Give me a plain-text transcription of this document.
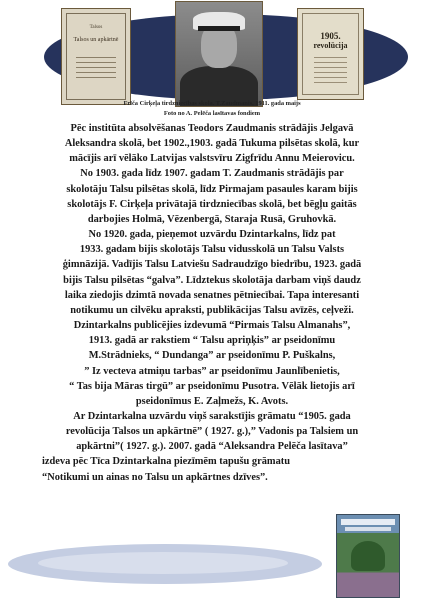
Talsos
Talsos un apkārtnē	1905.
revolūcija
Frīča Cirķeļa tirdzniecības skola. T.Zaudmanis, 1911. gada maijs
Foto no A. Pelēča lasītavas fondiem
Pēc institūta absolvēšanas Teodors Zaudmanis strādājis Jelgavā
Aleksandra skolā, bet 1902.,1903. gadā Tukuma pilsētas skolā, kur
mācījis arī vēlāko Latvijas valstsvīru Zigfrīdu Annu Meierovicu.
No 1903. gada līdz 1907. gadam T. Zaudmanis strādājis par
skolotāju Talsu pilsētas skolā, līdz Pirmajam pasaules karam bijis
skolotājs F. Cirķeļa privātajā tirdzniecības skolā, bet bēgļu gaitās
darbojies Holmā, Vēzenbergā, Staraja Rusā, Gruhovkā.
No 1920. gada, pieņemot uzvārdu Dzintarkalns, līdz pat
1933. gadam bijis skolotājs Talsu vidusskolā un Talsu Valsts
ģimnāzijā. Vadījis Talsu Latviešu Sadraudzīgo biedrību, 1923. gadā
bijis Talsu pilsētas “galva”. Līdztekus skolotāja darbam viņš daudz
laika ziedojis dzimtā novada senatnes pētniecībai. Tapa interesanti
notikumu un cilvēku apraksti, publikācijas Talsu avīzēs, ceļveži.
Dzintarkalns publicējies izdevumā “Pirmais Talsu Almanahs”,
1913. gadā ar rakstiem “ Talsu apriņķis” ar pseidonīmu
M.Strādnieks, “ Dundanga” ar pseidonīmu P. Puškalns,
” Iz vecteva atmiņu tarbas” ar pseidonīmu Jaunlībenietis,
“ Tas bija Māras tirgū” ar pseidonīmu Pusotra. Vēlāk lietojis arī
pseidonīmus E. Zaļmežs, K. Avots.
Ar Dzintarkalna uzvārdu viņš sarakstījis grāmatu “1905. gada
revolūcija Talsos un apkārtnē” ( 1927. g.),” Vadonis pa Talsiem un
apkārtni”( 1927. g.). 2007. gadā “Aleksandra Pelēča lasītava”
izdeva pēc Tīca Dzintarkalna piezīmēm tapušu grāmatu
“Notikumi un ainas no Talsu un apkārtnes dzīves”.
